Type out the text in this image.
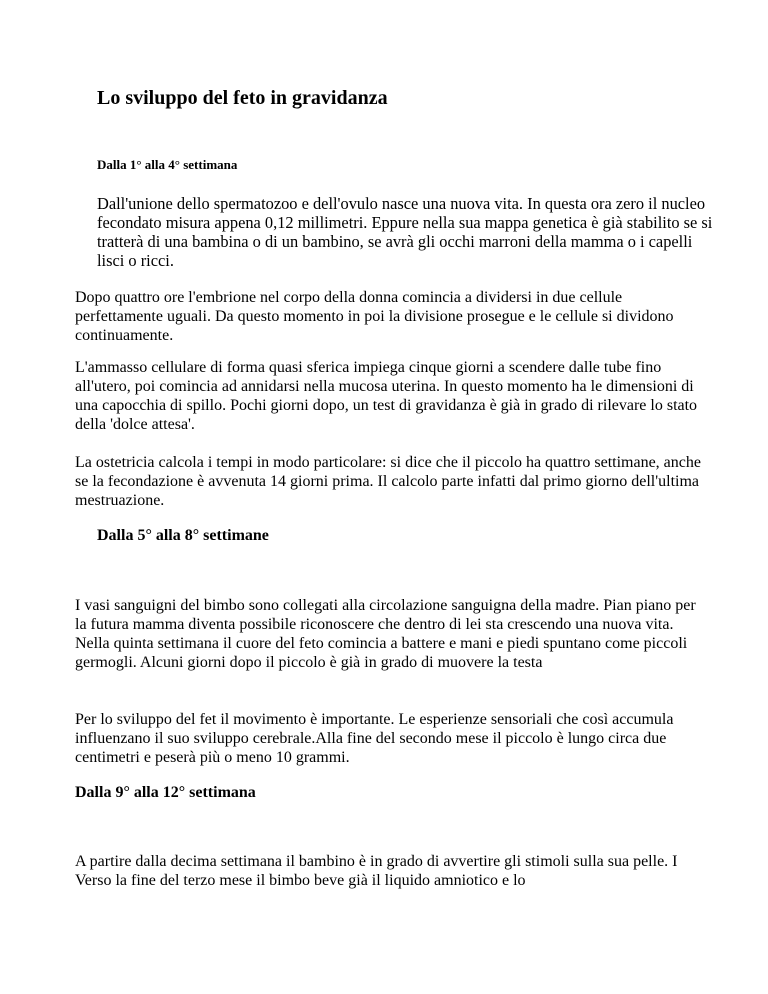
Lo sviluppo del feto in gravidanza
Dalla 1° alla 4° settimana

Dall'unione dello spermatozoo e dell'ovulo nasce una nuova vita. In questa ora zero il nucleo fecondato misura appena 0,12 millimetri. Eppure nella sua mappa genetica è già stabilito se si tratterà di una bambina o di un bambino, se avrà gli occhi marroni della mamma o i capelli lisci o ricci.

Dopo quattro ore l'embrione nel corpo della donna comincia a dividersi in due cellule perfettamente uguali. Da questo momento in poi la divisione prosegue e le cellule si dividono continuamente.

L'ammasso cellulare di forma quasi sferica impiega cinque giorni a scendere dalle tube fino all'utero, poi comincia ad annidarsi nella mucosa uterina. In questo momento ha le dimensioni di una capocchia di spillo. Pochi giorni dopo, un test di gravidanza è già in grado di rilevare lo stato della 'dolce attesa'.

La ostetricia calcola i tempi in modo particolare: si dice che il piccolo ha quattro settimane, anche se la fecondazione è avvenuta 14 giorni prima. Il calcolo parte infatti dal primo giorno dell'ultima mestruazione.

Dalla 5° alla 8° settimane

I vasi sanguigni del bimbo sono collegati alla circolazione sanguigna della madre. Pian piano per la futura mamma diventa possibile riconoscere che dentro di lei sta crescendo una nuova vita. Nella quinta settimana il cuore del feto comincia a battere e mani e piedi spuntano come piccoli germogli. Alcuni giorni dopo il piccolo è già in grado di muovere la testa

Per lo sviluppo del fet il movimento è importante. Le esperienze sensoriali che così accumula influenzano il suo sviluppo cerebrale.Alla fine del secondo mese il piccolo è lungo circa due centimetri e peserà più o meno 10 grammi.

Dalla 9° alla 12° settimana

A partire dalla decima settimana il bambino è in grado di avvertire gli stimoli sulla sua pelle. I Verso la fine del terzo mese il bimbo beve già il liquido amniotico e lo
